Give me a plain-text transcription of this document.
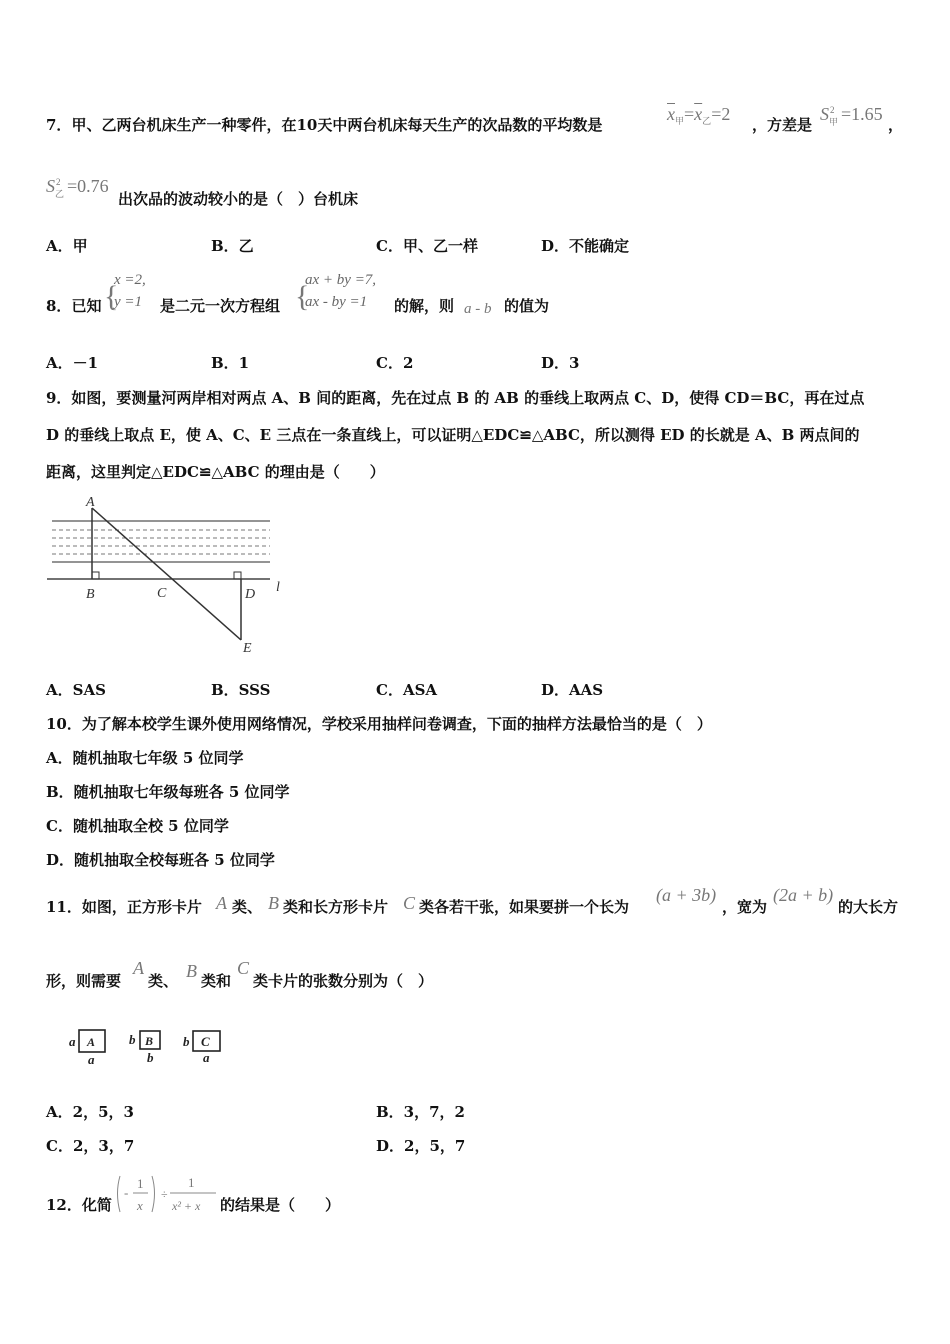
7．甲、乙两台机床生产一种零件，在10天中两台机床每天生产的次品数的平均数是
$\overline{x}_甲=\overline{x}_乙=2$
，方差是
S 2
甲 =1.65
，
S 2
乙 =0.76
出次品的波动较小的是（　）台机床
A．甲	B．乙	C．甲、乙一样	D．不能确定
8．已知 {
x =2,
y =1 是二元一次方程组 {
ax + by =7,
ax - by =1	的解，则 a - b 的值为
A．－1	B．1	C．2	D．3
9．如图，要测量河两岸相对两点 A、B 间的距离，先在过点 B 的 AB 的垂线上取两点 C、D，使得 CD＝BC，再在过点
D 的垂线上取点 E，使 A、C、E 三点在一条直线上，可以证明△EDC≌△ABC，所以测得 ED 的长就是 A、B 两点间的
距离，这里判定△EDC≌△ABC 的理由是（　　）
A
B	C	D
E
l
A．SAS	B．SSS	C．ASA	D．AAS
10．为了解本校学生课外使用网络情况，学校采用抽样问卷调查，下面的抽样方法最恰当的是（　）
A．随机抽取七年级 5 位同学
B．随机抽取七年级每班各 5 位同学
C．随机抽取全校 5 位同学
D．随机抽取全校每班各 5 位同学
11．如图，正方形卡片 A 类、 B 类和长方形卡片 C 类各若干张，如果要拼一个长为
(a + 3b)
，宽为
(2a + b)
的大长方
形，则需要
A
类、 B 类和
C
类卡片的张数分别为（　）
a A
a
b B
b
b C
a
A．2，5，3	B．3，7，2
C．2，3，7	D．2，5，7
12．化简
-
1
x
÷
1
x² + x 的结果是（　　）
